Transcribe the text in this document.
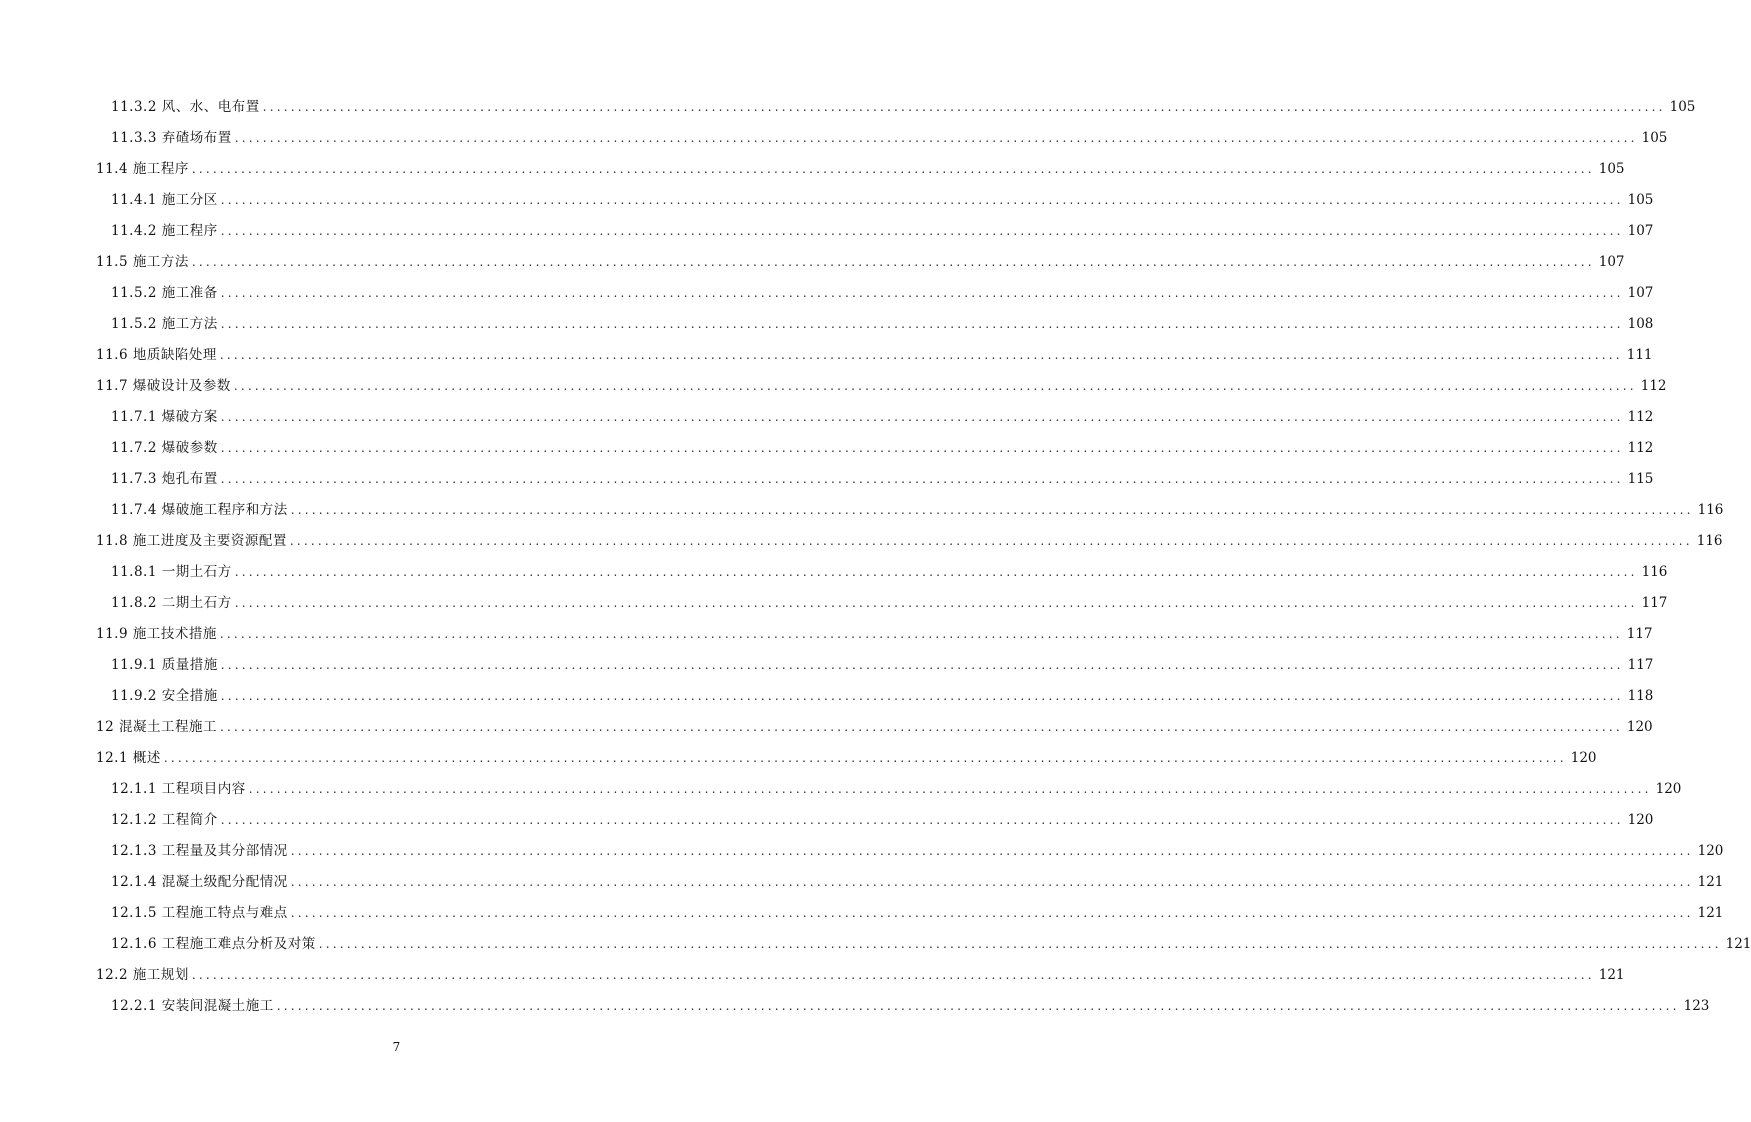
11.3.2 风、水、电布置 ........................................................................................................................................................................................................ 105
11.3.3 弃碴场布置 ........................................................................................................................................................................................................ 105
11.4 施工程序 ........................................................................................................................................................................................................ 105
11.4.1 施工分区 ........................................................................................................................................................................................................ 105
11.4.2 施工程序 ........................................................................................................................................................................................................ 107
11.5 施工方法 ........................................................................................................................................................................................................ 107
11.5.2 施工准备 ........................................................................................................................................................................................................ 107
11.5.2 施工方法 ........................................................................................................................................................................................................ 108
11.6 地质缺陷处理 ........................................................................................................................................................................................................ 111
11.7 爆破设计及参数 ........................................................................................................................................................................................................ 112
11.7.1 爆破方案 ........................................................................................................................................................................................................ 112
11.7.2 爆破参数 ........................................................................................................................................................................................................ 112
11.7.3 炮孔布置 ........................................................................................................................................................................................................ 115
11.7.4 爆破施工程序和方法 ........................................................................................................................................................................................................ 116
11.8 施工进度及主要资源配置 ........................................................................................................................................................................................................ 116
11.8.1 一期土石方 ........................................................................................................................................................................................................ 116
11.8.2 二期土石方 ........................................................................................................................................................................................................ 117
11.9 施工技术措施 ........................................................................................................................................................................................................ 117
11.9.1 质量措施 ........................................................................................................................................................................................................ 117
11.9.2 安全措施 ........................................................................................................................................................................................................ 118
12 混凝土工程施工 ........................................................................................................................................................................................................ 120
12.1 概述 ........................................................................................................................................................................................................ 120
12.1.1 工程项目内容 ........................................................................................................................................................................................................ 120
12.1.2 工程简介 ........................................................................................................................................................................................................ 120
12.1.3 工程量及其分部情况 ........................................................................................................................................................................................................ 120
12.1.4 混凝土级配分配情况 ........................................................................................................................................................................................................ 121
12.1.5 工程施工特点与难点 ........................................................................................................................................................................................................ 121
12.1.6 工程施工难点分析及对策 ........................................................................................................................................................................................................ 121
12.2 施工规划 ........................................................................................................................................................................................................ 121
12.2.1 安装间混凝土施工 ........................................................................................................................................................................................................ 123
7
